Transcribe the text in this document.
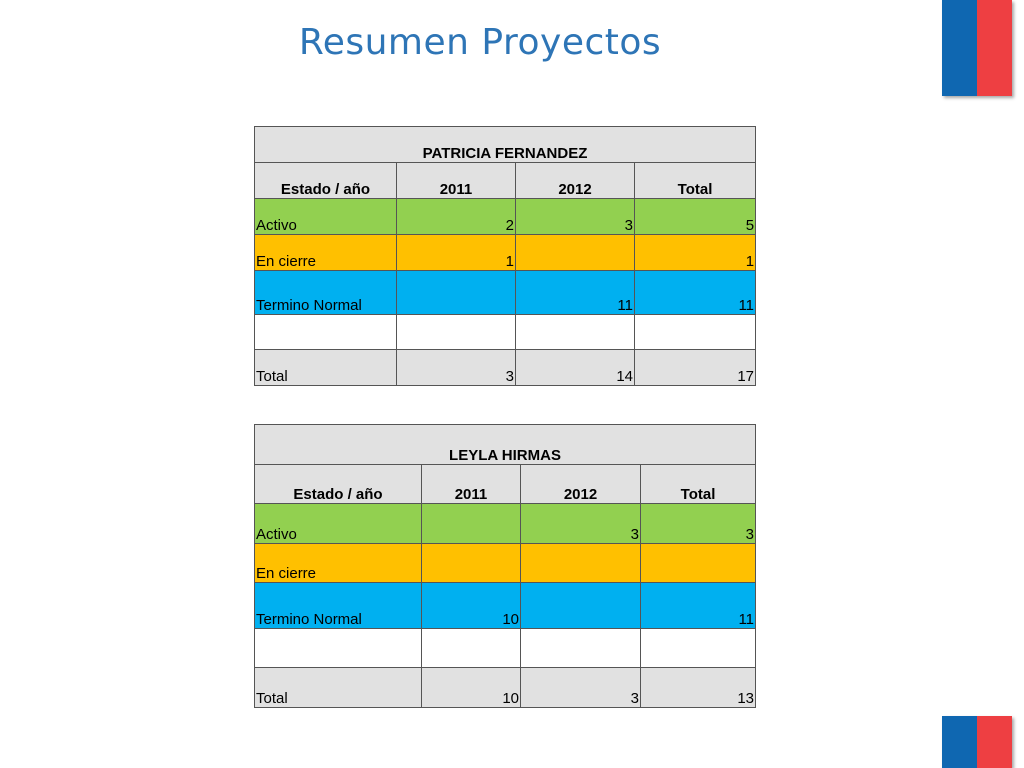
Resumen Proyectos
PATRICIA FERNANDEZ			
Estado / año	2011	2012	Total
Activo	2	3	5
En cierre	1		1
Termino Normal		11	11

Total	3	14	17
LEYLA HIRMAS			
Estado / año	2011	2012	Total
Activo		3	3
En cierre			
Termino Normal	10		11

Total	10	3	13
